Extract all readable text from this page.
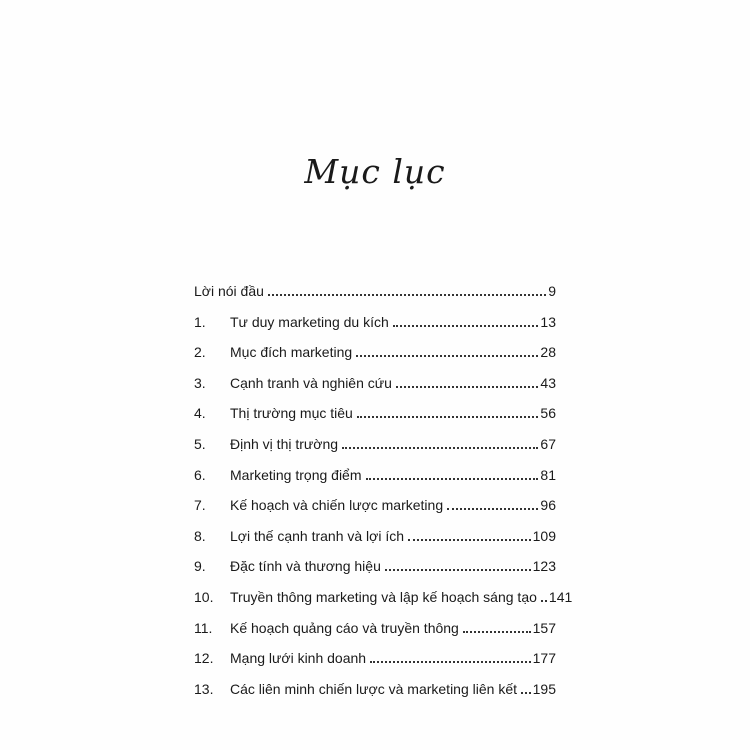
Mục lục
Lời nói đầu	9
1.	Tư duy marketing du kích	13
2.	Mục đích marketing	28
3.	Cạnh tranh và nghiên cứu	43
4.	Thị trường mục tiêu	56
5.	Định vị thị trường	67
6.	Marketing trọng điểm	81
7.	Kế hoạch và chiến lược marketing	96
8.	Lợi thế cạnh tranh và lợi ích	109
9.	Đặc tính và thương hiệu	123
10.	Truyền thông marketing và lập kế hoạch sáng tạo 141
11.	Kế hoạch quảng cáo và truyền thông	157
12.	Mạng lưới kinh doanh	177
13.	Các liên minh chiến lược và marketing liên kết 195
